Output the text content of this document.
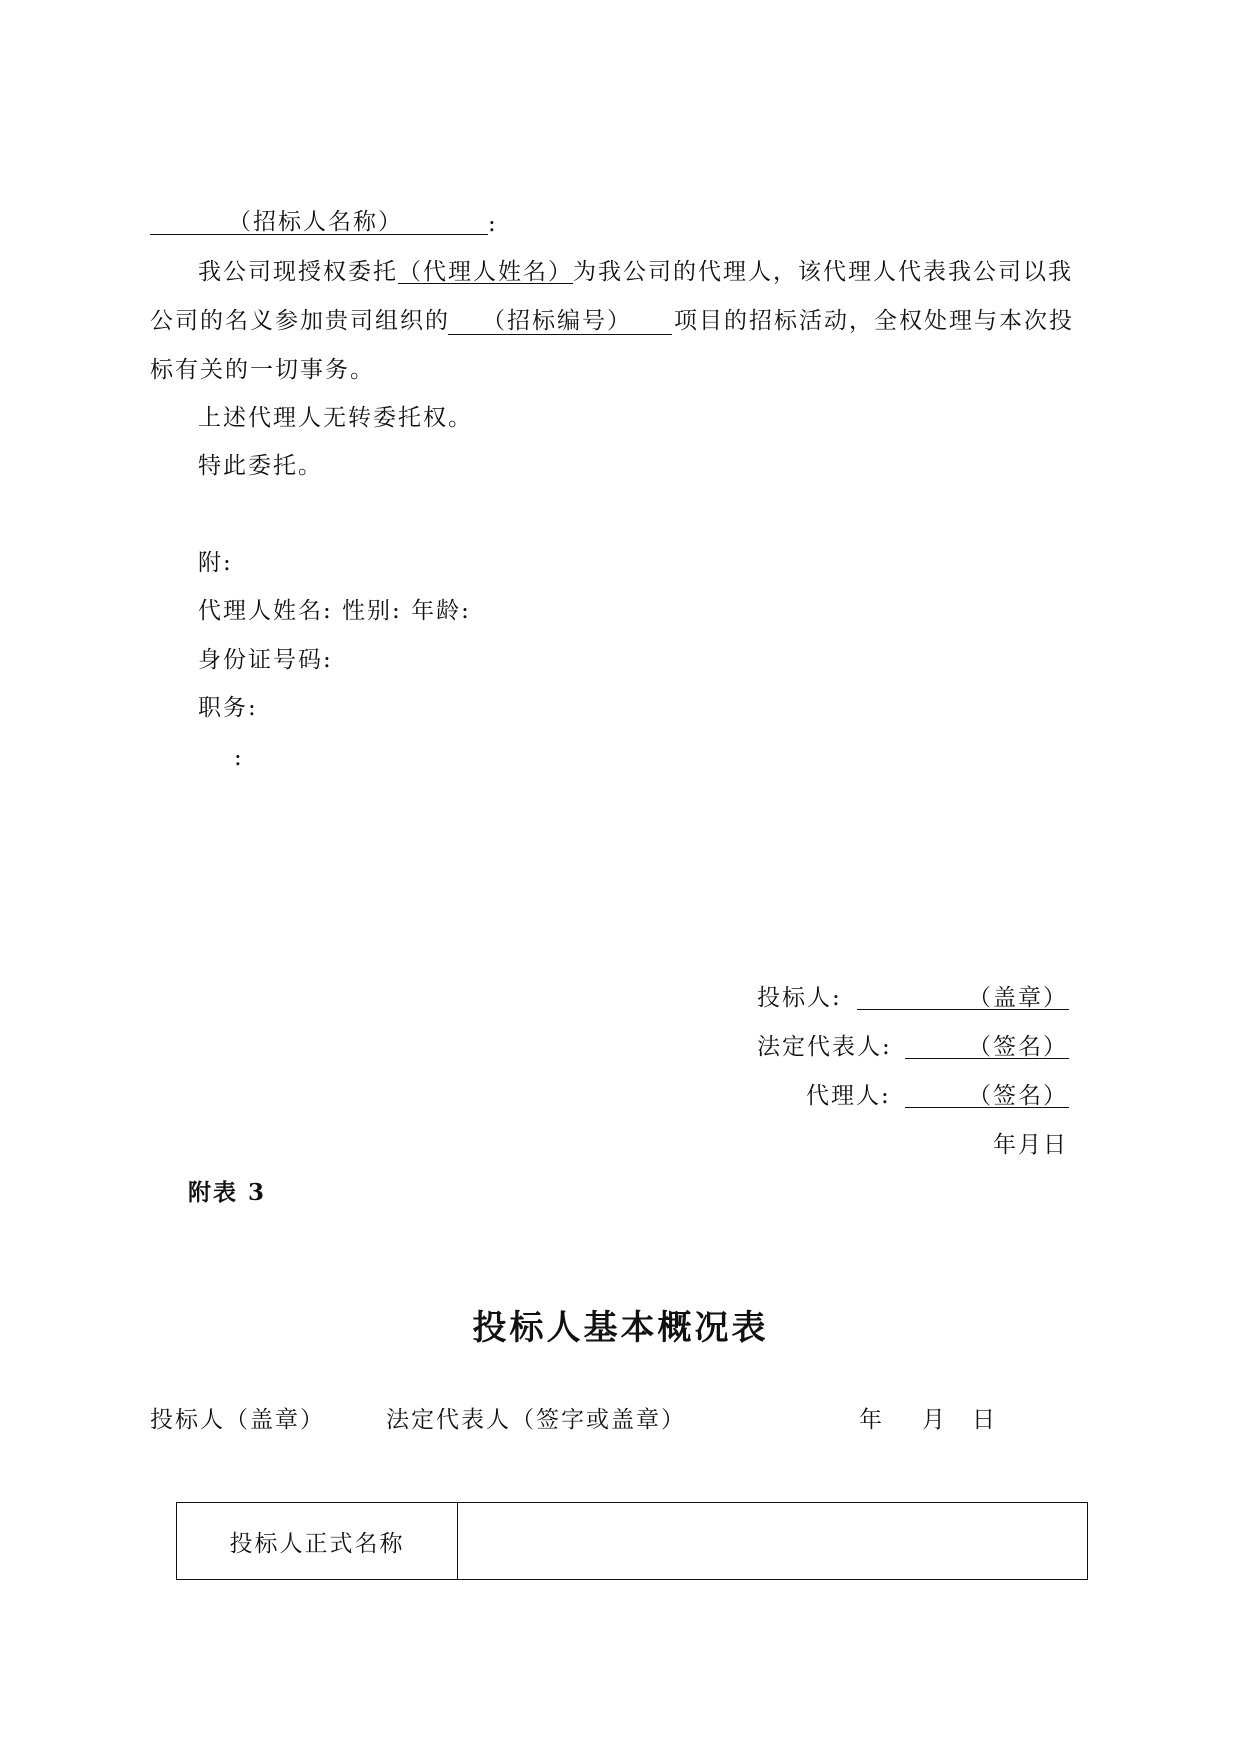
（招标人名称）	:
我公司现授权委托（代理人姓名）为我公司的代理人，该代理人代表我公司以我
公司的名义参加贵司组织的 （招标编号） 项目的招标活动，全权处理与本次投
标有关的一切事务。
上述代理人无转委托权。
特此委托。
附:
代理人姓名: 性别: 年龄:
身份证号码:
职务:
:
投标人:	（盖章）
法定代表人:	（签名）
代理人:	（签名）
年月日
附表 3
投标人基本概况表
投标人（盖章）	法定代表人（签字或盖章）	年 月 日
投标人正式名称	
